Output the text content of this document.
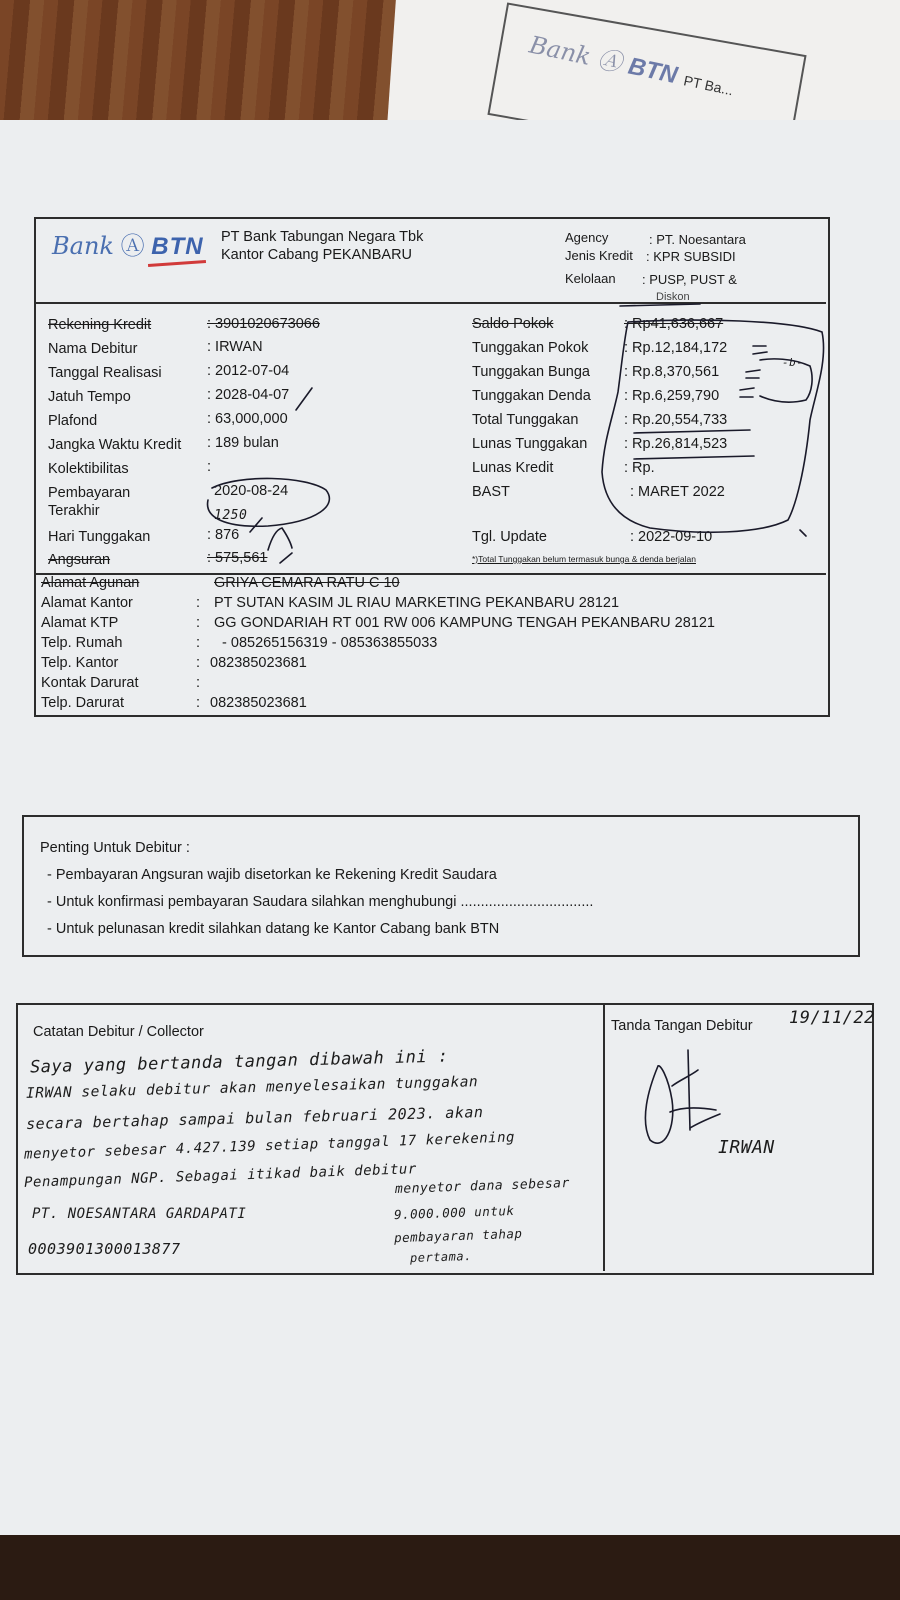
Bank Ⓐ BTN PT Ba...
Bank Ⓐ BTN PT Bank Tabungan Negara Tbk
Kantor Cabang PEKANBARU
Agency	: PT. Noesantara
Jenis Kredit : KPR SUBSIDI
Kelolaan : PUSP, PUST &
Diskon
Rekening Kredit	: 3901020673066
Nama Debitur	: IRWAN
Tanggal Realisasi	: 2012-07-04
Jatuh Tempo	: 2028-04-07
Plafond	: 63,000,000
Jangka Waktu Kredit : 189 bulan
Kolektibilitas	:
Pembayaran
Terakhir
2020-08-24
Hari Tunggakan	: 876
Angsuran	: 575,561
Saldo Pokok	: Rp41,636,667
Tunggakan Pokok : Rp.12,184,172
Tunggakan Bunga : Rp.8,370,561
Tunggakan Denda : Rp.6,259,790
Total Tunggakan	: Rp.20,554,733
Lunas Tunggakan	: Rp.26,814,523
Lunas Kredit	: Rp.
BAST	: MARET 2022
Tgl. Update	: 2022-09-10
*)Total Tunggakan belum termasuk bunga & denda berjalan
Alamat Agunan	GRIYA CEMARA RATU C 10
Alamat Kantor	: PT SUTAN KASIM JL RIAU MARKETING PEKANBARU 28121
Alamat KTP	: GG GONDARIAH RT 001 RW 006 KAMPUNG TENGAH PEKANBARU 28121
Telp. Rumah	: - 085265156319 - 085363855033
Telp. Kantor	: 082385023681
Kontak Darurat	:
Telp. Darurat	: 082385023681
Penting Untuk Debitur :
- Pembayaran Angsuran wajib disetorkan ke Rekening Kredit Saudara
- Untuk konfirmasi pembayaran Saudara silahkan menghubungi .................................
- Untuk pelunasan kredit silahkan datang ke Kantor Cabang bank BTN
Catatan Debitur / Collector	Tanda Tangan Debitur 19/11/22
Saya yang bertanda tangan dibawah ini :
IRWAN selaku debitur akan menyelesaikan tunggakan
secara bertahap sampai bulan februari 2023. akan
menyetor sebesar 4.427.139 setiap tanggal 17 kerekening
Penampungan NGP. Sebagai itikad baik debitur
PT. NOESANTARA GARDAPATI
0003901300013877
menyetor dana sebesar
9.000.000 untuk
pembayaran tahap
pertama.
IRWAN
1250
-b-
